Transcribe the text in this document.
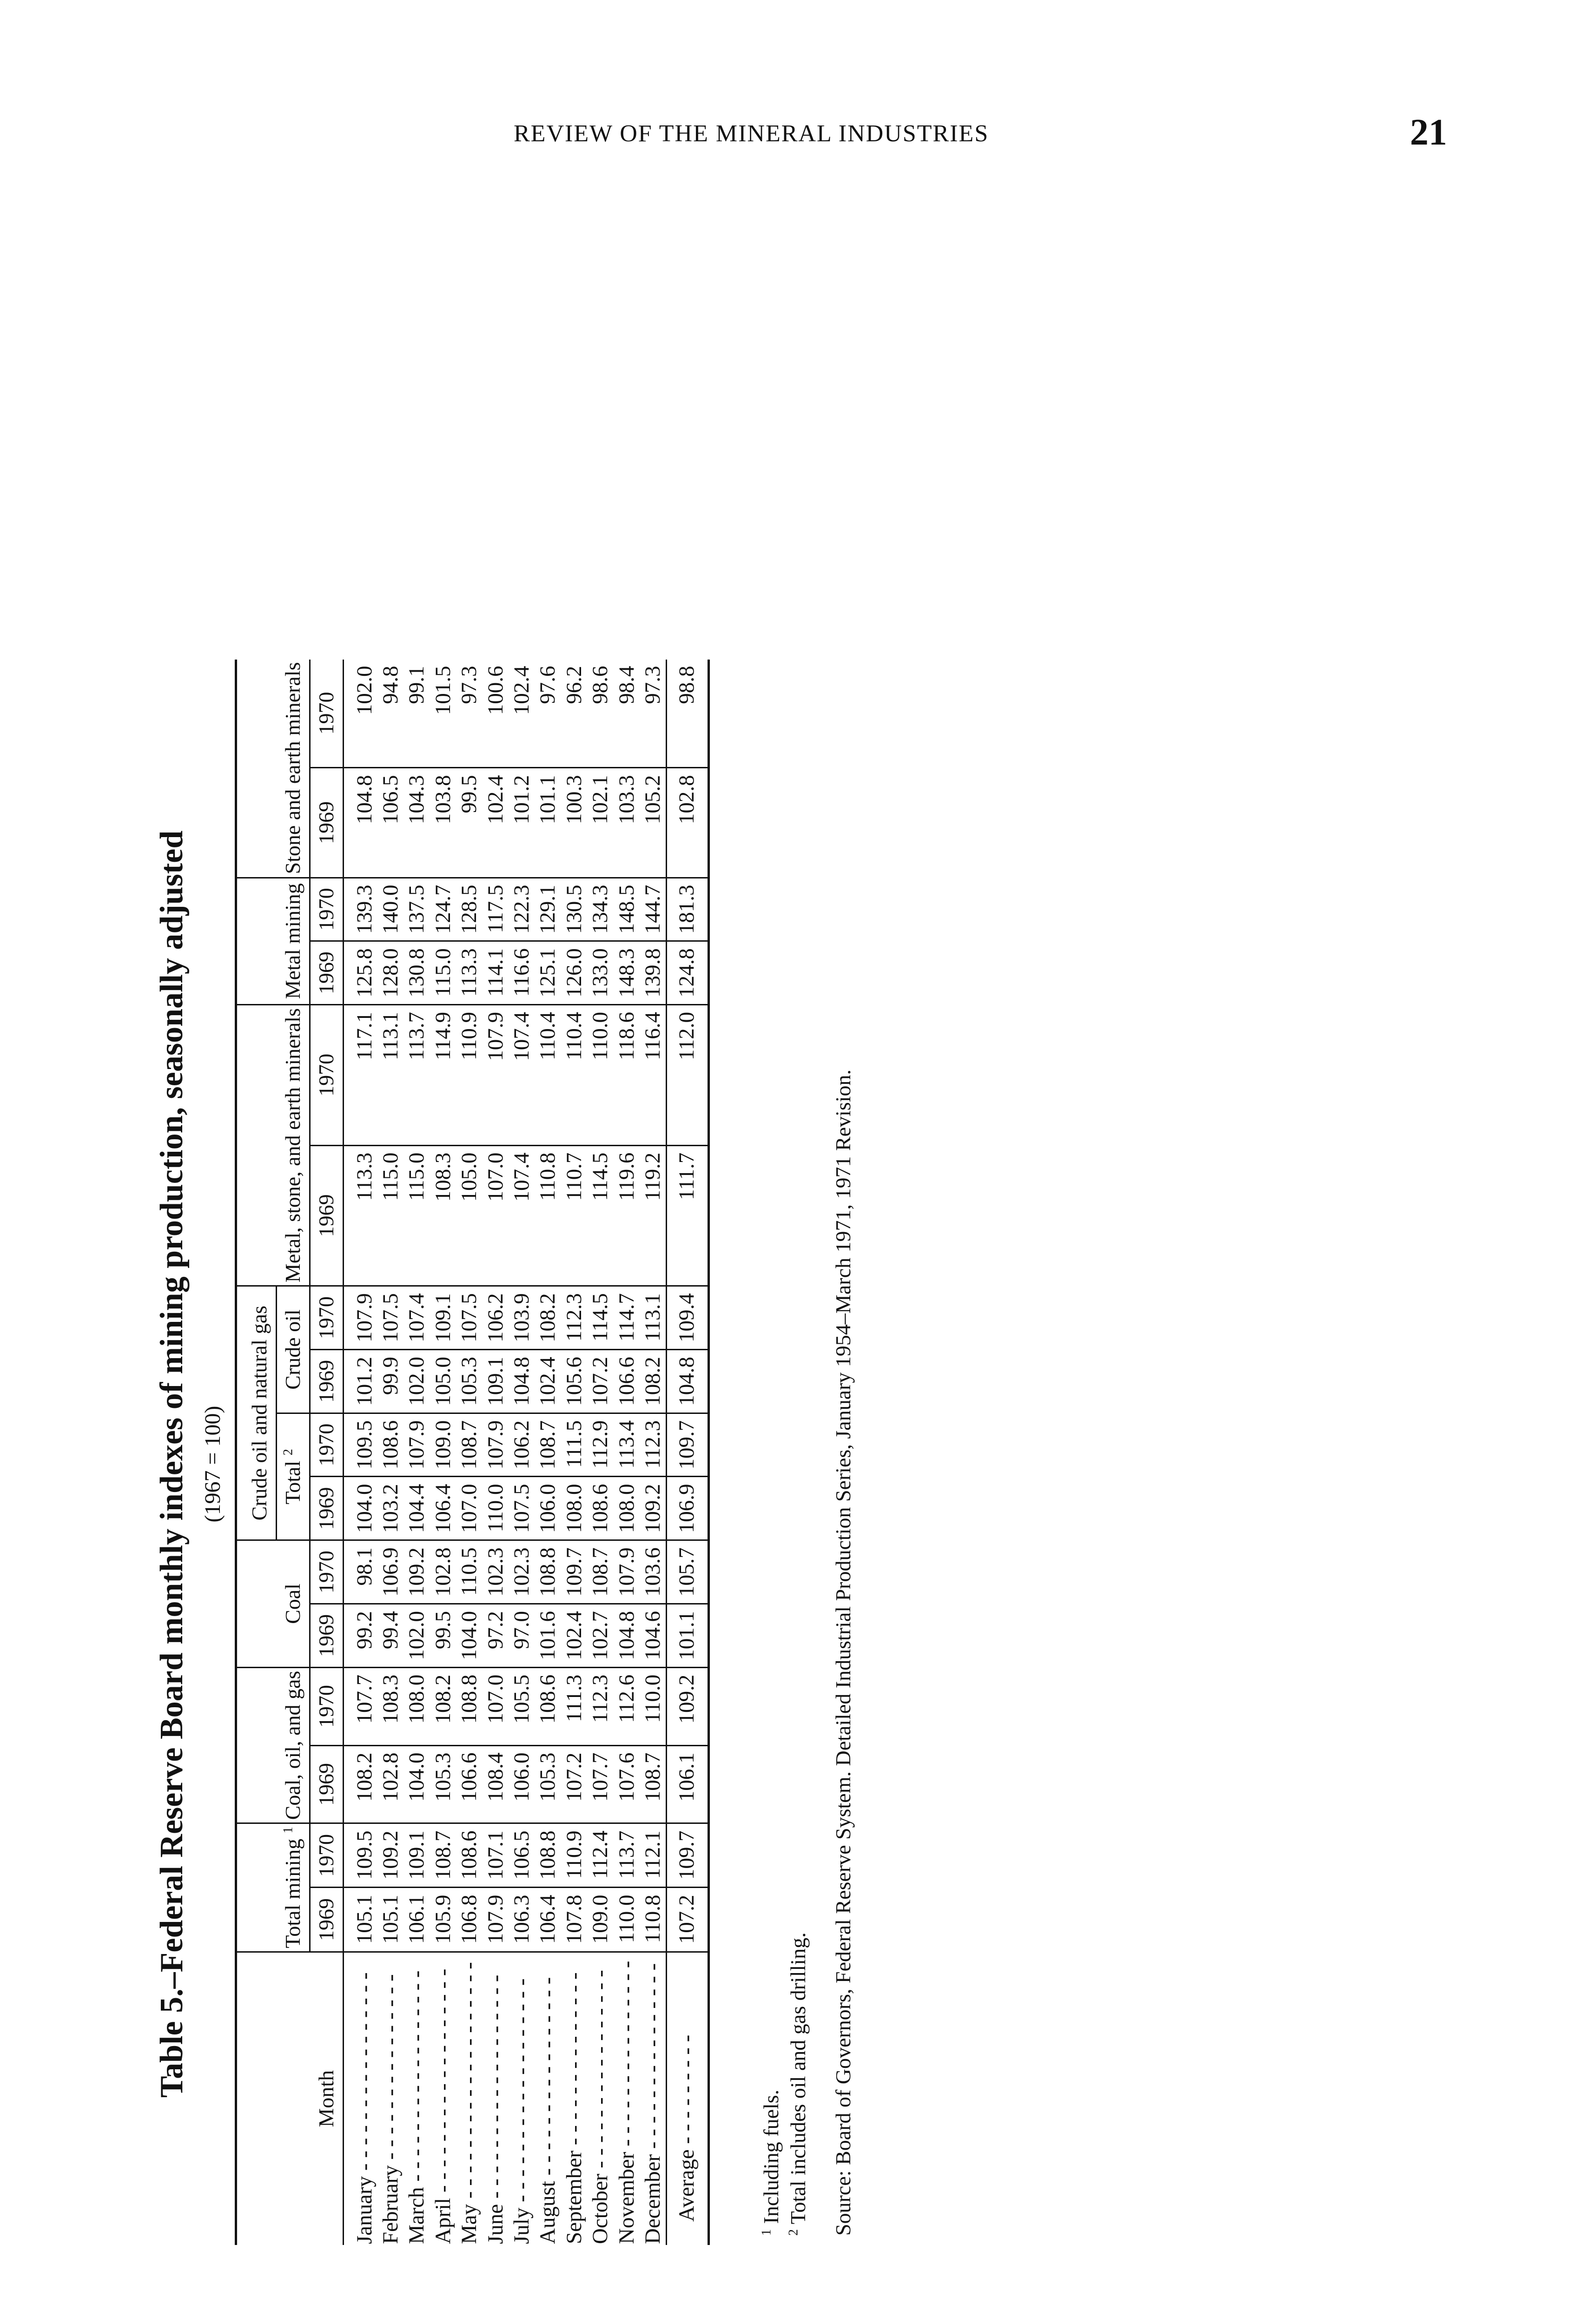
REVIEW OF THE MINERAL INDUSTRIES	21
Table 5.–Federal Reserve Board monthly indexes of mining production, seasonally adjusted (1967 = 100)
Month	Total mining $^1$		Coal, oil, and gas		Coal		Crude oil and natural gas				Metal, stone, and earth minerals		Metal mining		Stone and earth minerals	
							Total $^2$		Crude oil							
	1969	1970	1969	1970	1969	1970	1969	1970	1969	1970	1969	1970	1969	1970	1969	1970
January - - - - - - - - - - - - - - - -	105.1	109.5	108.2	107.7	99.2	98.1	104.0	109.5	101.2	107.9	113.3	117.1	125.8	139.3	104.8	102.0
February - - - - - - - - - - - - - - -	105.1	109.2	102.8	108.3	99.4	106.9	103.2	108.6	99.9	107.5	115.0	113.1	128.0	140.0	106.5	94.8
March - - - - - - - - - - - - - - - - -	106.1	109.1	104.0	108.0	102.0	109.2	104.4	107.9	102.0	107.4	115.0	113.7	130.8	137.5	104.3	99.1
April - - - - - - - - - - - - - - - - - -	105.9	108.7	105.3	108.2	99.5	102.8	106.4	109.0	105.0	109.1	108.3	114.9	115.0	124.7	103.8	101.5
May - - - - - - - - - - - - - - - - - - -	106.8	108.6	106.6	108.8	104.0	110.5	107.0	108.7	105.3	107.5	105.0	110.9	113.3	128.5	99.5	97.3
June - - - - - - - - - - - - - - - - - -	107.9	107.1	108.4	107.0	97.2	102.3	110.0	107.9	109.1	106.2	107.0	107.9	114.1	117.5	102.4	100.6
July - - - - - - - - - - - - - - - - - -	106.3	106.5	106.0	105.5	97.0	102.3	107.5	106.2	104.8	103.9	107.4	107.4	116.6	122.3	101.2	102.4
August - - - - - - - - - - - - - - - -	106.4	108.8	105.3	108.6	101.6	108.8	106.0	108.7	102.4	108.2	110.8	110.4	125.1	129.1	101.1	97.6
September - - - - - - - - - - - - - -	107.8	110.9	107.2	111.3	102.4	109.7	108.0	111.5	105.6	112.3	110.7	110.4	126.0	130.5	100.3	96.2
October - - - - - - - - - - - - - - - -	109.0	112.4	107.7	112.3	102.7	108.7	108.6	112.9	107.2	114.5	114.5	110.0	133.0	134.3	102.1	98.6
November - - - - - - - - - - - - - - -	110.0	113.7	107.6	112.6	104.8	107.9	108.0	113.4	106.6	114.7	119.6	118.6	148.3	148.5	103.3	98.4
December - - - - - - - - - - - - - - -	110.8	112.1	108.7	110.0	104.6	103.6	109.2	112.3	108.2	113.1	119.2	116.4	139.8	144.7	105.2	97.3
Average - - - - - - - - -	107.2	109.7	106.1	109.2	101.1	105.7	106.9	109.7	104.8	109.4	111.7	112.0	124.8	181.3	102.8	98.8
$^1$ Including fuels.
$^2$ Total includes oil and gas drilling. Source: Board of Governors, Federal Reserve System. Detailed Industrial Production Series, January 1954–March 1971, 1971 Revision.
